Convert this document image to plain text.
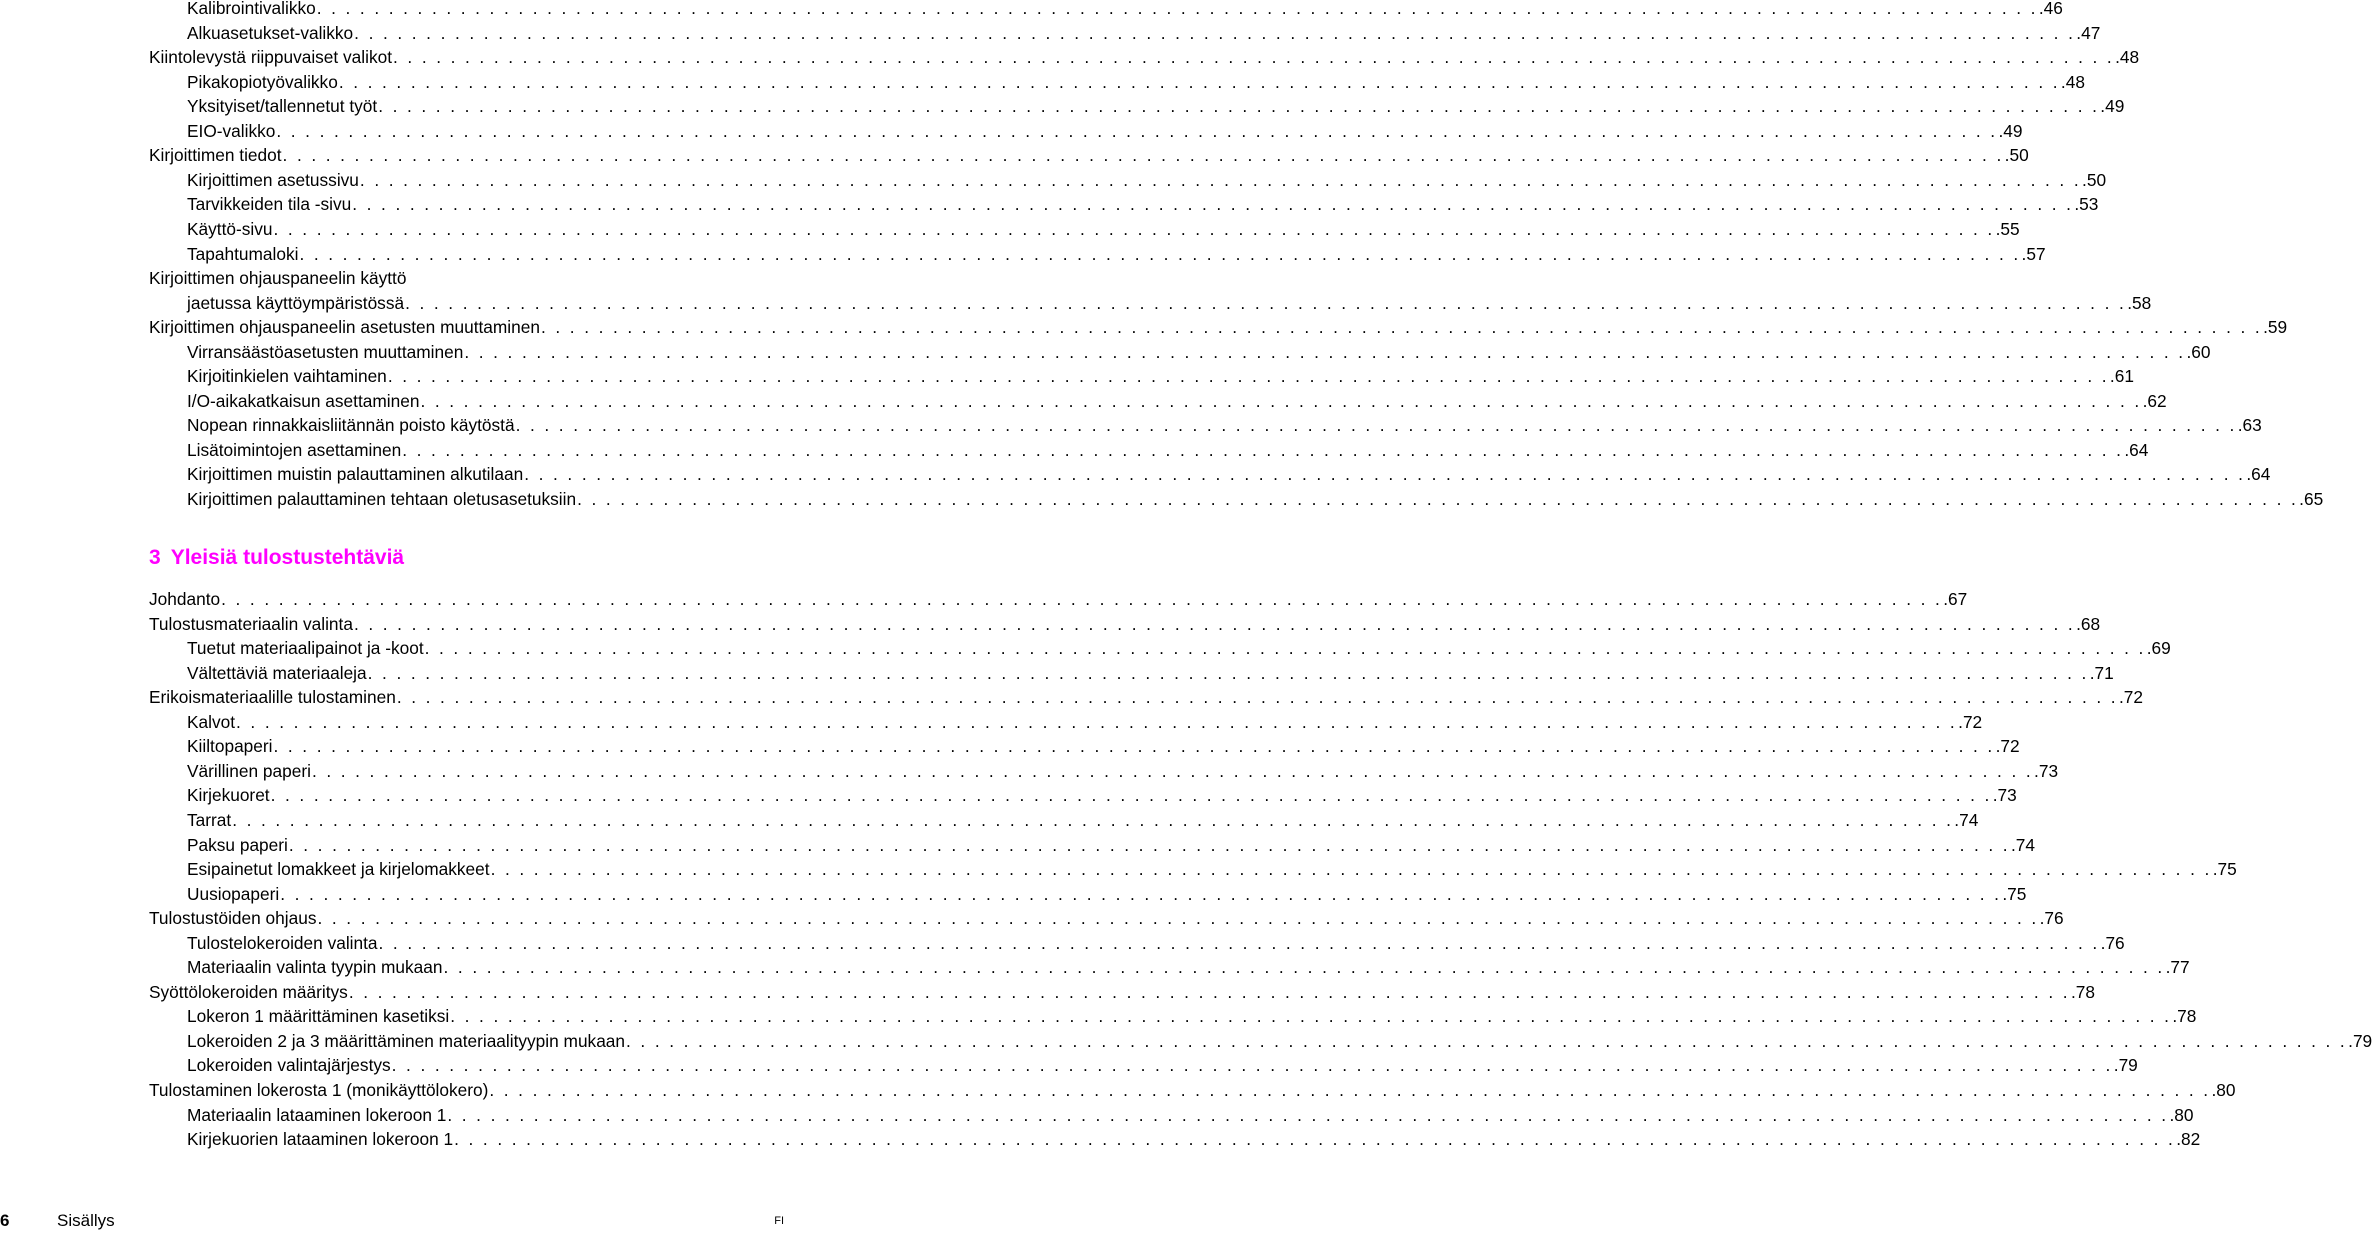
Kalibrointivalikko . . . . . . . . . . . . . . . . . . . . . . . . . . . . . . . . . . . . . . . . . . . . . . . . . . . . . . . . . . . . . . . . . . . . . . . . . . . . . . . . . . . . . . . . . . . . . . . . . . . . . . . . . . . . . . . . . . . . . . . . .46
Alkuasetukset-valikko . . . . . . . . . . . . . . . . . . . . . . . . . . . . . . . . . . . . . . . . . . . . . . . . . . . . . . . . . . . . . . . . . . . . . . . . . . . . . . . . . . . . . . . . . . . . . . . . . . . . . . . . . . . . . . . . . . . . . . . . .47
Kiintolevystä riippuvaiset valikot . . . . . . . . . . . . . . . . . . . . . . . . . . . . . . . . . . . . . . . . . . . . . . . . . . . . . . . . . . . . . . . . . . . . . . . . . . . . . . . . . . . . . . . . . . . . . . . . . . . . . . . . . . . . . . . . . . . . . . . . .48
Pikakopiotyövalikko . . . . . . . . . . . . . . . . . . . . . . . . . . . . . . . . . . . . . . . . . . . . . . . . . . . . . . . . . . . . . . . . . . . . . . . . . . . . . . . . . . . . . . . . . . . . . . . . . . . . . . . . . . . . . . . . . . . . . . . . .48
Yksityiset/tallennetut työt . . . . . . . . . . . . . . . . . . . . . . . . . . . . . . . . . . . . . . . . . . . . . . . . . . . . . . . . . . . . . . . . . . . . . . . . . . . . . . . . . . . . . . . . . . . . . . . . . . . . . . . . . . . . . . . . . . . . . . . . .49
EIO-valikko . . . . . . . . . . . . . . . . . . . . . . . . . . . . . . . . . . . . . . . . . . . . . . . . . . . . . . . . . . . . . . . . . . . . . . . . . . . . . . . . . . . . . . . . . . . . . . . . . . . . . . . . . . . . . . . . . . . . . . . . .49
Kirjoittimen tiedot . . . . . . . . . . . . . . . . . . . . . . . . . . . . . . . . . . . . . . . . . . . . . . . . . . . . . . . . . . . . . . . . . . . . . . . . . . . . . . . . . . . . . . . . . . . . . . . . . . . . . . . . . . . . . . . . . . . . . . . . .50
Kirjoittimen asetussivu . . . . . . . . . . . . . . . . . . . . . . . . . . . . . . . . . . . . . . . . . . . . . . . . . . . . . . . . . . . . . . . . . . . . . . . . . . . . . . . . . . . . . . . . . . . . . . . . . . . . . . . . . . . . . . . . . . . . . . . . .50
Tarvikkeiden tila -sivu . . . . . . . . . . . . . . . . . . . . . . . . . . . . . . . . . . . . . . . . . . . . . . . . . . . . . . . . . . . . . . . . . . . . . . . . . . . . . . . . . . . . . . . . . . . . . . . . . . . . . . . . . . . . . . . . . . . . . . . . .53
Käyttö-sivu . . . . . . . . . . . . . . . . . . . . . . . . . . . . . . . . . . . . . . . . . . . . . . . . . . . . . . . . . . . . . . . . . . . . . . . . . . . . . . . . . . . . . . . . . . . . . . . . . . . . . . . . . . . . . . . . . . . . . . . . .55
Tapahtumaloki . . . . . . . . . . . . . . . . . . . . . . . . . . . . . . . . . . . . . . . . . . . . . . . . . . . . . . . . . . . . . . . . . . . . . . . . . . . . . . . . . . . . . . . . . . . . . . . . . . . . . . . . . . . . . . . . . . . . . . . . .57
Kirjoittimen ohjauspaneelin käyttö
jaetussa käyttöympäristössä . . . . . . . . . . . . . . . . . . . . . . . . . . . . . . . . . . . . . . . . . . . . . . . . . . . . . . . . . . . . . . . . . . . . . . . . . . . . . . . . . . . . . . . . . . . . . . . . . . . . . . . . . . . . . . . . . . . . . . . . .58
Kirjoittimen ohjauspaneelin asetusten muuttaminen . . . . . . . . . . . . . . . . . . . . . . . . . . . . . . . . . . . . . . . . . . . . . . . . . . . . . . . . . . . . . . . . . . . . . . . . . . . . . . . . . . . . . . . . . . . . . . . . . . . . . . . . . . . . . . . . . . . . . . . . .59
Virransäästöasetusten muuttaminen . . . . . . . . . . . . . . . . . . . . . . . . . . . . . . . . . . . . . . . . . . . . . . . . . . . . . . . . . . . . . . . . . . . . . . . . . . . . . . . . . . . . . . . . . . . . . . . . . . . . . . . . . . . . . . . . . . . . . . . . .60
Kirjoitinkielen vaihtaminen . . . . . . . . . . . . . . . . . . . . . . . . . . . . . . . . . . . . . . . . . . . . . . . . . . . . . . . . . . . . . . . . . . . . . . . . . . . . . . . . . . . . . . . . . . . . . . . . . . . . . . . . . . . . . . . . . . . . . . . . .61
I/O-aikakatkaisun asettaminen . . . . . . . . . . . . . . . . . . . . . . . . . . . . . . . . . . . . . . . . . . . . . . . . . . . . . . . . . . . . . . . . . . . . . . . . . . . . . . . . . . . . . . . . . . . . . . . . . . . . . . . . . . . . . . . . . . . . . . . . .62
Nopean rinnakkaisliitännän poisto käytöstä . . . . . . . . . . . . . . . . . . . . . . . . . . . . . . . . . . . . . . . . . . . . . . . . . . . . . . . . . . . . . . . . . . . . . . . . . . . . . . . . . . . . . . . . . . . . . . . . . . . . . . . . . . . . . . . . . . . . . . . . .63
Lisätoimintojen asettaminen . . . . . . . . . . . . . . . . . . . . . . . . . . . . . . . . . . . . . . . . . . . . . . . . . . . . . . . . . . . . . . . . . . . . . . . . . . . . . . . . . . . . . . . . . . . . . . . . . . . . . . . . . . . . . . . . . . . . . . . . .64
Kirjoittimen muistin palauttaminen alkutilaan . . . . . . . . . . . . . . . . . . . . . . . . . . . . . . . . . . . . . . . . . . . . . . . . . . . . . . . . . . . . . . . . . . . . . . . . . . . . . . . . . . . . . . . . . . . . . . . . . . . . . . . . . . . . . . . . . . . . . . . . .64
Kirjoittimen palauttaminen tehtaan oletusasetuksiin . . . . . . . . . . . . . . . . . . . . . . . . . . . . . . . . . . . . . . . . . . . . . . . . . . . . . . . . . . . . . . . . . . . . . . . . . . . . . . . . . . . . . . . . . . . . . . . . . . . . . . . . . . . . . . . . . . . . . . . . .65
Johdanto . . . . . . . . . . . . . . . . . . . . . . . . . . . . . . . . . . . . . . . . . . . . . . . . . . . . . . . . . . . . . . . . . . . . . . . . . . . . . . . . . . . . . . . . . . . . . . . . . . . . . . . . . . . . . . . . . . . . . . . . .67
Tulostusmateriaalin valinta . . . . . . . . . . . . . . . . . . . . . . . . . . . . . . . . . . . . . . . . . . . . . . . . . . . . . . . . . . . . . . . . . . . . . . . . . . . . . . . . . . . . . . . . . . . . . . . . . . . . . . . . . . . . . . . . . . . . . . . . .68
Tuetut materiaalipainot ja -koot . . . . . . . . . . . . . . . . . . . . . . . . . . . . . . . . . . . . . . . . . . . . . . . . . . . . . . . . . . . . . . . . . . . . . . . . . . . . . . . . . . . . . . . . . . . . . . . . . . . . . . . . . . . . . . . . . . . . . . . . .69
Vältettäviä materiaaleja . . . . . . . . . . . . . . . . . . . . . . . . . . . . . . . . . . . . . . . . . . . . . . . . . . . . . . . . . . . . . . . . . . . . . . . . . . . . . . . . . . . . . . . . . . . . . . . . . . . . . . . . . . . . . . . . . . . . . . . . .71
Erikoismateriaalille tulostaminen . . . . . . . . . . . . . . . . . . . . . . . . . . . . . . . . . . . . . . . . . . . . . . . . . . . . . . . . . . . . . . . . . . . . . . . . . . . . . . . . . . . . . . . . . . . . . . . . . . . . . . . . . . . . . . . . . . . . . . . . .72
Kalvot . . . . . . . . . . . . . . . . . . . . . . . . . . . . . . . . . . . . . . . . . . . . . . . . . . . . . . . . . . . . . . . . . . . . . . . . . . . . . . . . . . . . . . . . . . . . . . . . . . . . . . . . . . . . . . . . . . . . . . . . .72
Kiiltopaperi . . . . . . . . . . . . . . . . . . . . . . . . . . . . . . . . . . . . . . . . . . . . . . . . . . . . . . . . . . . . . . . . . . . . . . . . . . . . . . . . . . . . . . . . . . . . . . . . . . . . . . . . . . . . . . . . . . . . . . . . .72
Värillinen paperi . . . . . . . . . . . . . . . . . . . . . . . . . . . . . . . . . . . . . . . . . . . . . . . . . . . . . . . . . . . . . . . . . . . . . . . . . . . . . . . . . . . . . . . . . . . . . . . . . . . . . . . . . . . . . . . . . . . . . . . . .73
Kirjekuoret . . . . . . . . . . . . . . . . . . . . . . . . . . . . . . . . . . . . . . . . . . . . . . . . . . . . . . . . . . . . . . . . . . . . . . . . . . . . . . . . . . . . . . . . . . . . . . . . . . . . . . . . . . . . . . . . . . . . . . . . .73
Tarrat . . . . . . . . . . . . . . . . . . . . . . . . . . . . . . . . . . . . . . . . . . . . . . . . . . . . . . . . . . . . . . . . . . . . . . . . . . . . . . . . . . . . . . . . . . . . . . . . . . . . . . . . . . . . . . . . . . . . . . . . .74
Paksu paperi . . . . . . . . . . . . . . . . . . . . . . . . . . . . . . . . . . . . . . . . . . . . . . . . . . . . . . . . . . . . . . . . . . . . . . . . . . . . . . . . . . . . . . . . . . . . . . . . . . . . . . . . . . . . . . . . . . . . . . . . .74
Esipainetut lomakkeet ja kirjelomakkeet . . . . . . . . . . . . . . . . . . . . . . . . . . . . . . . . . . . . . . . . . . . . . . . . . . . . . . . . . . . . . . . . . . . . . . . . . . . . . . . . . . . . . . . . . . . . . . . . . . . . . . . . . . . . . . . . . . . . . . . . .75
Uusiopaperi . . . . . . . . . . . . . . . . . . . . . . . . . . . . . . . . . . . . . . . . . . . . . . . . . . . . . . . . . . . . . . . . . . . . . . . . . . . . . . . . . . . . . . . . . . . . . . . . . . . . . . . . . . . . . . . . . . . . . . . . .75
Tulostustöiden ohjaus . . . . . . . . . . . . . . . . . . . . . . . . . . . . . . . . . . . . . . . . . . . . . . . . . . . . . . . . . . . . . . . . . . . . . . . . . . . . . . . . . . . . . . . . . . . . . . . . . . . . . . . . . . . . . . . . . . . . . . . . .76
Tulostelokeroiden valinta . . . . . . . . . . . . . . . . . . . . . . . . . . . . . . . . . . . . . . . . . . . . . . . . . . . . . . . . . . . . . . . . . . . . . . . . . . . . . . . . . . . . . . . . . . . . . . . . . . . . . . . . . . . . . . . . . . . . . . . . .76
Materiaalin valinta tyypin mukaan . . . . . . . . . . . . . . . . . . . . . . . . . . . . . . . . . . . . . . . . . . . . . . . . . . . . . . . . . . . . . . . . . . . . . . . . . . . . . . . . . . . . . . . . . . . . . . . . . . . . . . . . . . . . . . . . . . . . . . . . .77
Syöttölokeroiden määritys . . . . . . . . . . . . . . . . . . . . . . . . . . . . . . . . . . . . . . . . . . . . . . . . . . . . . . . . . . . . . . . . . . . . . . . . . . . . . . . . . . . . . . . . . . . . . . . . . . . . . . . . . . . . . . . . . . . . . . . . .78
Lokeron 1 määrittäminen kasetiksi . . . . . . . . . . . . . . . . . . . . . . . . . . . . . . . . . . . . . . . . . . . . . . . . . . . . . . . . . . . . . . . . . . . . . . . . . . . . . . . . . . . . . . . . . . . . . . . . . . . . . . . . . . . . . . . . . . . . . . . . .78
Lokeroiden 2 ja 3 määrittäminen materiaalityypin mukaan . . . . . . . . . . . . . . . . . . . . . . . . . . . . . . . . . . . . . . . . . . . . . . . . . . . . . . . . . . . . . . . . . . . . . . . . . . . . . . . . . . . . . . . . . . . . . . . . . . . . . . . . . . . . . . . . . . . . . . . . .79
Lokeroiden valintajärjestys . . . . . . . . . . . . . . . . . . . . . . . . . . . . . . . . . . . . . . . . . . . . . . . . . . . . . . . . . . . . . . . . . . . . . . . . . . . . . . . . . . . . . . . . . . . . . . . . . . . . . . . . . . . . . . . . . . . . . . . . .79
Tulostaminen lokerosta 1 (monikäyttölokero) . . . . . . . . . . . . . . . . . . . . . . . . . . . . . . . . . . . . . . . . . . . . . . . . . . . . . . . . . . . . . . . . . . . . . . . . . . . . . . . . . . . . . . . . . . . . . . . . . . . . . . . . . . . . . . . . . . . . . . . . .80
Materiaalin lataaminen lokeroon 1 . . . . . . . . . . . . . . . . . . . . . . . . . . . . . . . . . . . . . . . . . . . . . . . . . . . . . . . . . . . . . . . . . . . . . . . . . . . . . . . . . . . . . . . . . . . . . . . . . . . . . . . . . . . . . . . . . . . . . . . . .80
Kirjekuorien lataaminen lokeroon 1 . . . . . . . . . . . . . . . . . . . . . . . . . . . . . . . . . . . . . . . . . . . . . . . . . . . . . . . . . . . . . . . . . . . . . . . . . . . . . . . . . . . . . . . . . . . . . . . . . . . . . . . . . . . . . . . . . . . . . . . . .82
3 Yleisiä tulostustehtäviä
6	Sisällys	FI
